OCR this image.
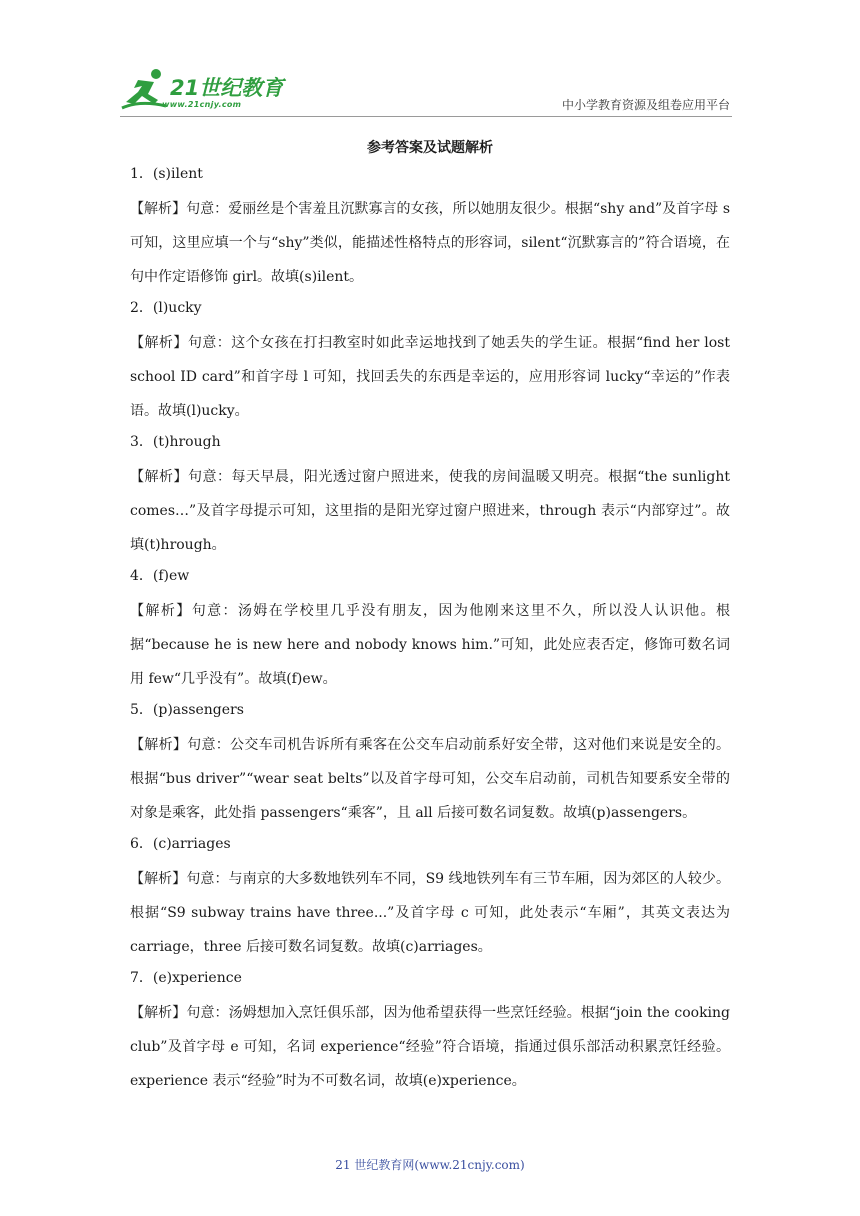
21世纪教育
www.21cnjy.com	中小学教育资源及组卷应用平台
参考答案及试题解析
1．(s)ilent
【解析】句意：爱丽丝是个害羞且沉默寡言的女孩，所以她朋友很少。根据“shy and”及首字母 s 可知，这里应填一个与“shy”类似，能描述性格特点的形容词，silent“沉默寡言的”符合语境，在句中作定语修饰 girl。故填(s)ilent。
2．(l)ucky
【解析】句意：这个女孩在打扫教室时如此幸运地找到了她丢失的学生证。根据“find her lost school ID card”和首字母 l 可知，找回丢失的东西是幸运的，应用形容词 lucky“幸运的”作表语。故填(l)ucky。
3．(t)hrough
【解析】句意：每天早晨，阳光透过窗户照进来，使我的房间温暖又明亮。根据“the sunlight comes…”及首字母提示可知，这里指的是阳光穿过窗户照进来，through 表示“内部穿过”。故填(t)hrough。
4．(f)ew
【解析】句意：汤姆在学校里几乎没有朋友，因为他刚来这里不久，所以没人认识他。根据“because he is new here and nobody knows him.”可知，此处应表否定，修饰可数名词用 few“几乎没有”。故填(f)ew。
5．(p)assengers
【解析】句意：公交车司机告诉所有乘客在公交车启动前系好安全带，这对他们来说是安全的。根据“bus driver”“wear seat belts”以及首字母可知，公交车启动前，司机告知要系安全带的对象是乘客，此处指 passengers“乘客”，且 all 后接可数名词复数。故填(p)assengers。
6．(c)arriages
【解析】句意：与南京的大多数地铁列车不同，S9 线地铁列车有三节车厢，因为郊区的人较少。根据“S9 subway trains have three...”及首字母 c 可知，此处表示“车厢”，其英文表达为 carriage，three 后接可数名词复数。故填(c)arriages。
7．(e)xperience
【解析】句意：汤姆想加入烹饪俱乐部，因为他希望获得一些烹饪经验。根据“join the cooking club”及首字母 e 可知，名词 experience“经验”符合语境，指通过俱乐部活动积累烹饪经验。experience 表示“经验”时为不可数名词，故填(e)xperience。
21 世纪教育网(www.21cnjy.com)
